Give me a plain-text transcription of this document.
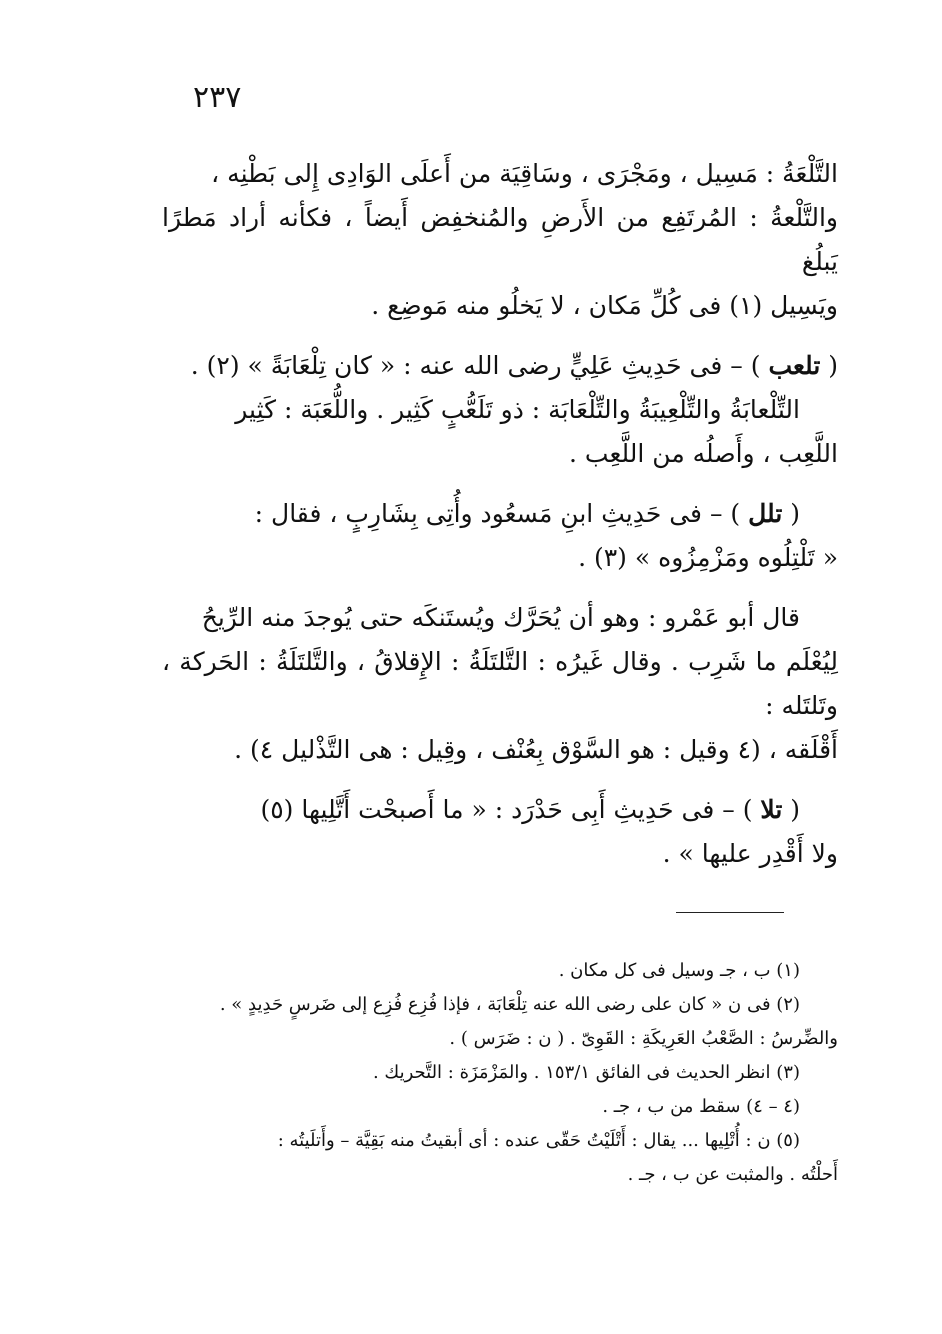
٢٣٧

التَّلْعَةُ : مَسِيل ، ومَجْرَى ، وسَاقِيَة من أَعلَى الوَادِى إِلى بَطْنِه ،

والتَّلْعةُ : المُرتَفِع من الأَرضِ والمُنخفِض أَيضاً ، فكأنه أراد مَطرًا يَبلُغ

ويَسِيل (١) فى كُلِّ مَكان ، لا يَخلُو منه مَوضِع .

( تلعب ) – فى حَدِيثِ عَلِيٍّ رضى الله عنه : « كان تِلْعَابَةً » (٢) .

التِّلْعابَةُ والتِّلْعِيبَةُ والتِّلْعَابَة : ذو تَلَعُّبٍ كَثِير . واللُّعَبَة : كَثِير

اللَّعِب ، وأَصلُه من اللَّعِب .

( تلل ) – فى حَدِيثِ ابنِ مَسعُود وأُتِى بِشَارِبٍ ، فقال :

« تَلْتِلُوه ومَزْمِزُوه » (٣) .

قال أبو عَمْرو : وهو أن يُحَرَّك ويُستَنكَه حتى يُوجدَ منه الرِّيحُ

لِيُعْلَم ما شَرِب . وقال غَيرُه : التَّلتَلَةُ : الإِقلاقُ ، والتَّلتَلَةُ : الحَركة ، وتَلتَله :

أَقْلَقه ، (٤ وقيل : هو السَّوْق بِعُنْف ، وقِيل : هى التَّذْليل ٤) .

( تلا ) – فى حَدِيثِ أَبِى حَدْرَد : « ما أَصبحْت أَتَّلِيها (٥)

ولا أَقْدِر عليها » .

(١) ب ، جـ وسيل فى كل مكان .

(٢) فى ن « كان على رضى الله عنه تِلْعَابَة ، فإذا فُزِع فُزِع إلى ضَرسٍ حَدِيدٍ » .

والضِّرسُ : الصَّعْبُ العَرِيكَةِ : القَوِىّ . ( ن : ضَرَس ) .

(٣) انظر الحديث فى الفائق ١٥٣/١ . والمَزْمَزَة : التَّحريك .

(٤ – ٤) سقط من ب ، جـ .

(٥) ن : أُتْلِيها ... يقال : أَتْلَيْتُ حَقّى عنده : أى أبقيتُ منه بَقِيَّة – وأَتلَيتُه :

أَحلْتُه . والمثبت عن ب ، جـ .
